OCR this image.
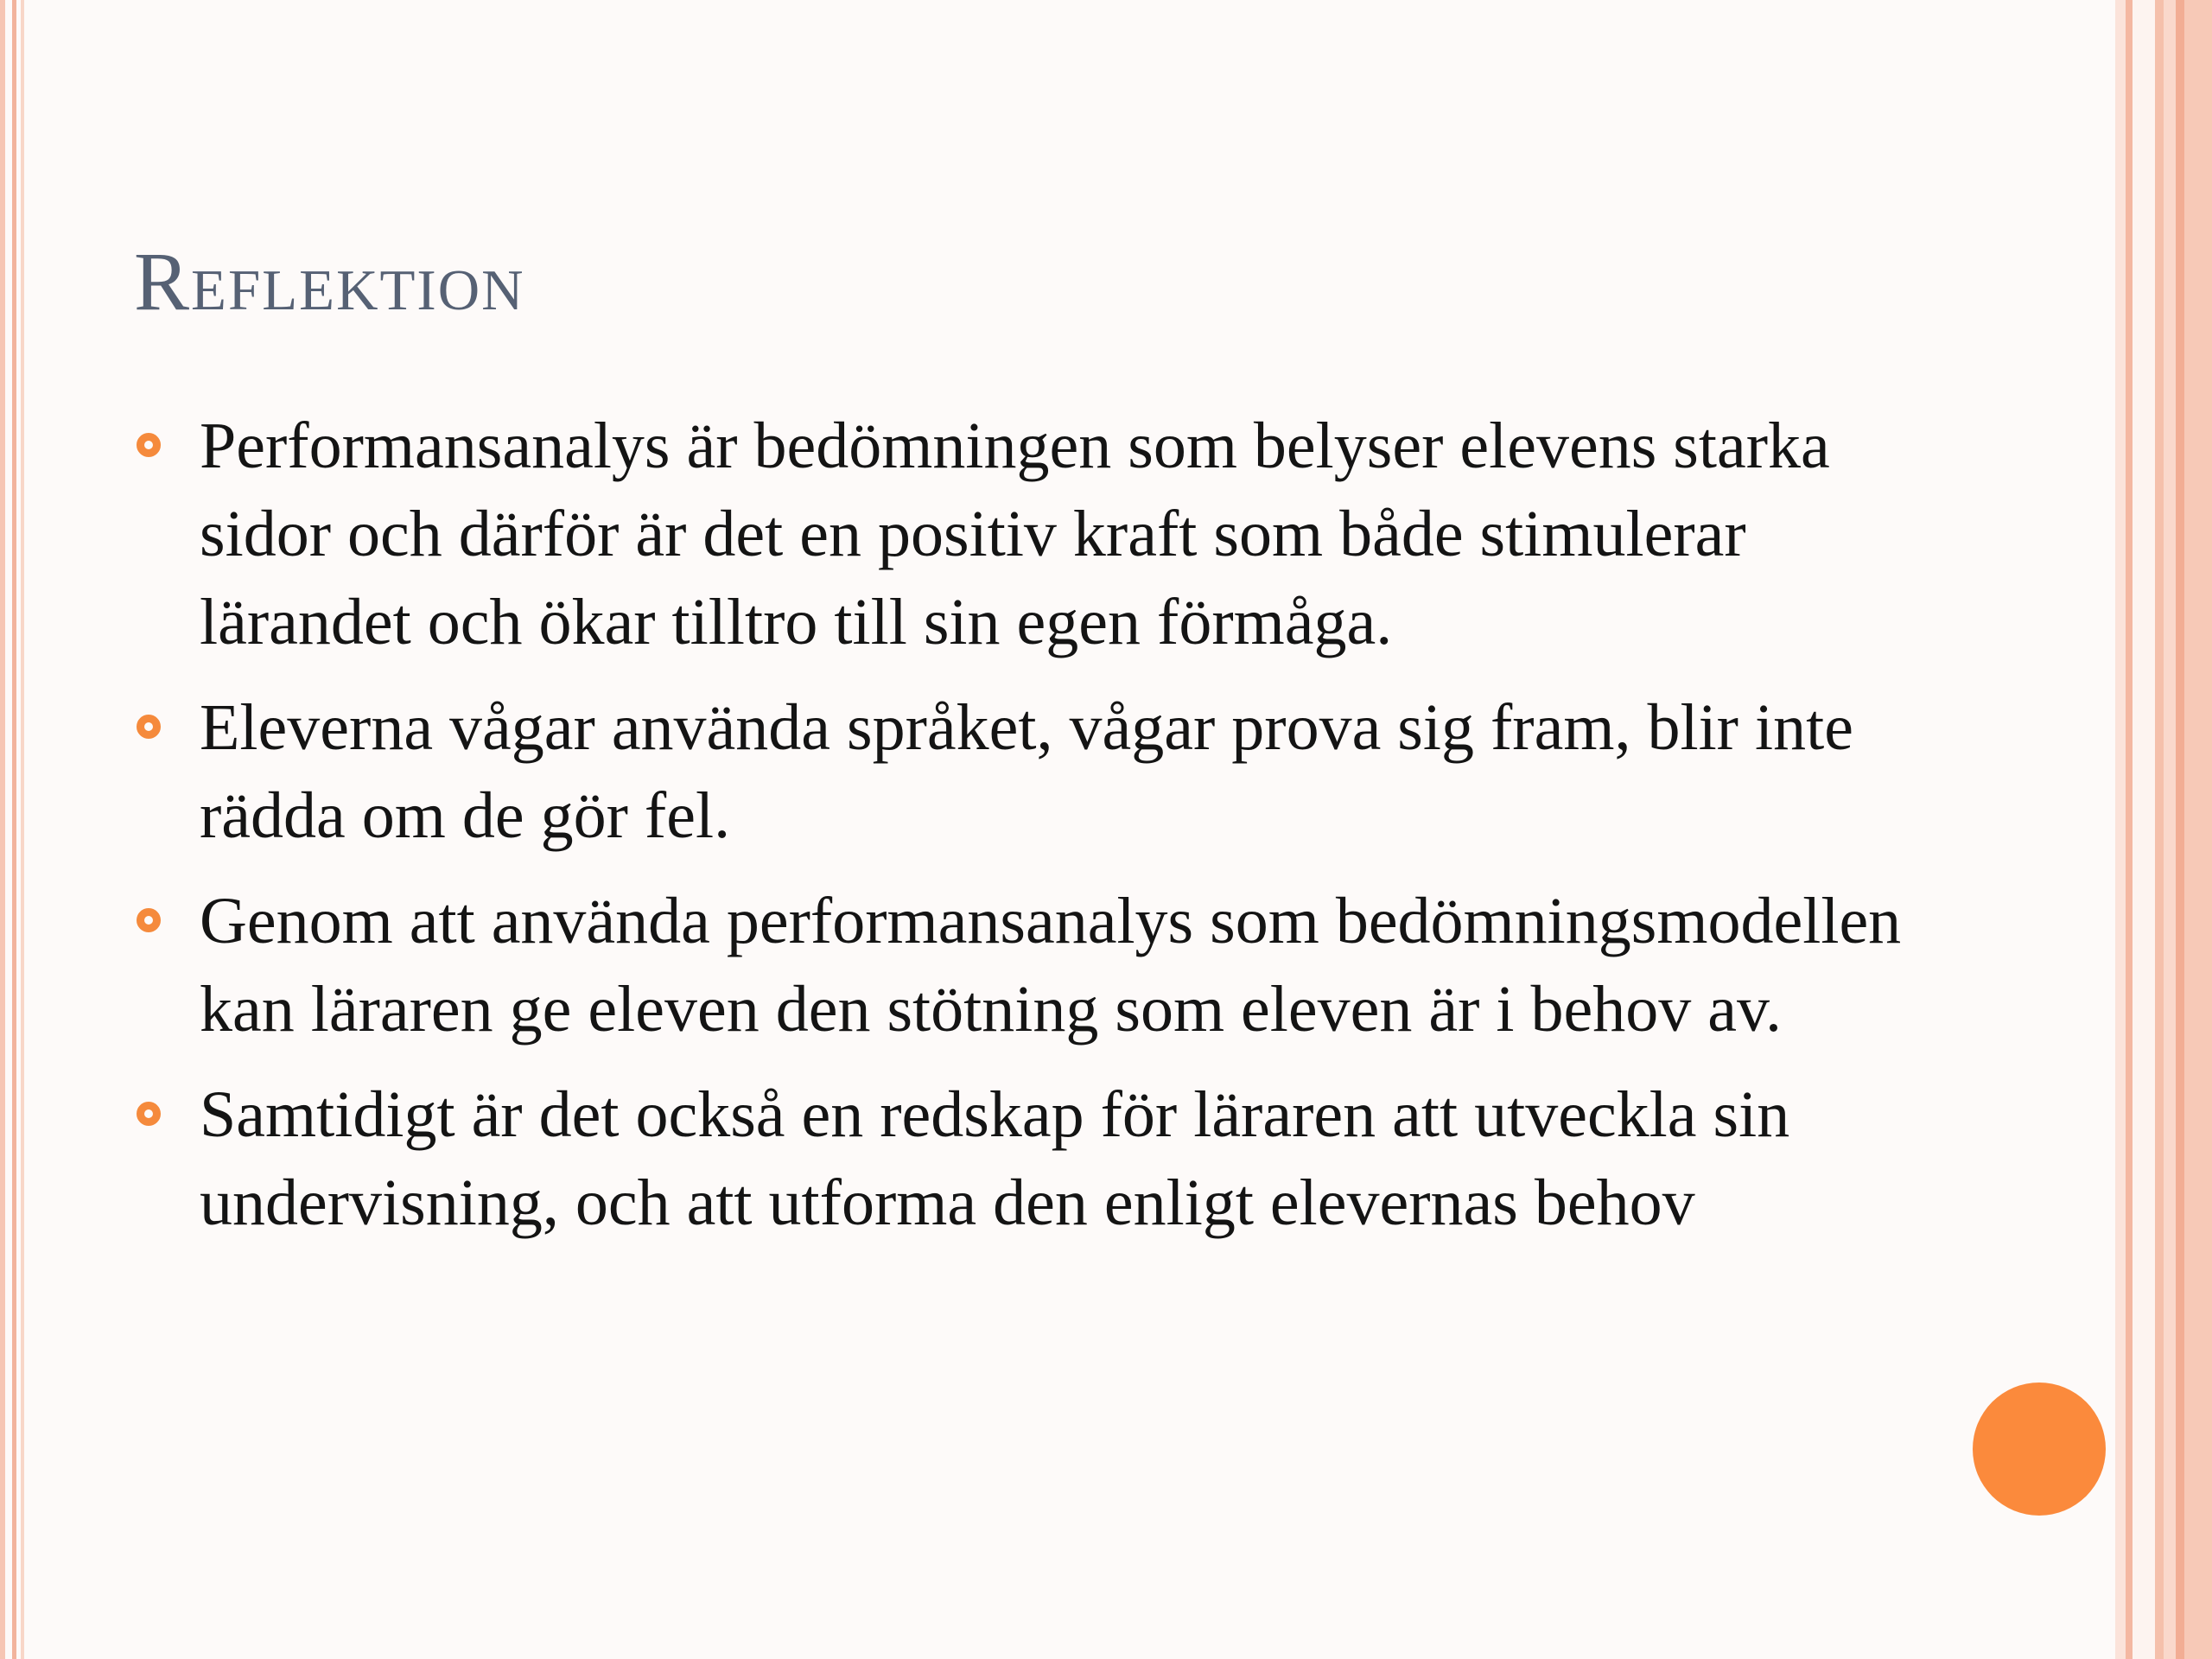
Reflektion
Performansanalys är bedömningen som belyser elevens starka sidor och därför är det en positiv kraft som både stimulerar lärandet och ökar tilltro till sin egen förmåga.
Eleverna vågar använda språket, vågar prova sig fram, blir inte rädda om de gör fel.
Genom att använda performansanalys som bedömningsmodellen kan läraren ge eleven den stötning som eleven är i behov av.
Samtidigt är det också en redskap för läraren att utveckla sin undervisning, och att utforma den enligt elevernas behov
